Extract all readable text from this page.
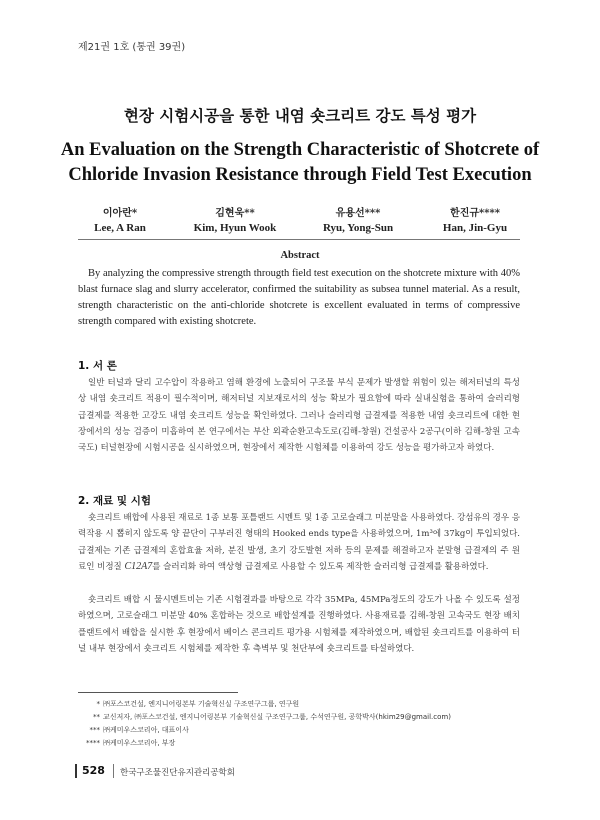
제21권 1호 (통권 39권)
현장 시험시공을 통한 내염 숏크리트 강도 특성 평가
An Evaluation on the Strength Characteristic of Shotcrete of
Chloride Invasion Resistance through Field Test Execution
이아란*
Lee, A Ran
김현욱**
Kim, Hyun Wook
유용선***
Ryu, Yong-Sun
한진규****
Han, Jin-Gyu
Abstract
By analyzing the compressive strength througth field test execution on the shotcrete mixture with 40% blast furnace slag and slurry accelerator, confirmed the suitability as subsea tunnel material. As a result, strength characteristic on the anti-chloride shotcrete is excellent evaluated in terms of compressive strength compared with existing shotcrete.
1. 서 론
일반 터널과 달리 고수압이 작용하고 염해 환경에 노출되어 구조물 부식 문제가 발생할 위험이 있는 해저터널의 특성상 내염 숏크리트 적용이 필수적이며, 해저터널 지보재로서의 성능 확보가 필요함에 따라 실내실험을 통하여 슬러리형 급결제를 적용한 고강도 내염 숏크리트 성능을 확인하였다. 그러나 슬러리형 급결제를 적용한 내염 숏크리트에 대한 현장에서의 성능 검증이 미흡하여 본 연구에서는 부산 외곽순환고속도로(김해-창원) 건설공사 2공구(이하 김해-창원 고속국도) 터널현장에 시험시공을 실시하였으며, 현장에서 제작한 시험체를 이용하여 강도 성능을 평가하고자 하였다.
2. 재료 및 시험
숏크리트 배합에 사용된 재료로 1종 보통 포틀랜드 시멘트 및 1종 고로슬래그 미분말을 사용하였다. 강섬유의 경우 응력작용 시 뽑히지 않도록 양 끝단이 구부러진 형태의 Hooked ends type을 사용하였으며, 1m³에 37kg이 투입되었다. 급결제는 기존 급결제의 혼합효율 저하, 분진 발생, 초기 강도발현 저하 등의 문제를 해결하고자 분말형 급결제의 주 원료인 비정질 C12A7를 슬러리화 하여 액상형 급결제로 사용할 수 있도록 제작한 슬러리형 급결제를 활용하였다.
숏크리트 배합 시 물시멘트비는 기존 시험결과를 바탕으로 각각 35MPa, 45MPa정도의 강도가 나올 수 있도록 설정하였으며, 고로슬래그 미분말 40% 혼합하는 것으로 배합설계를 진행하였다. 사용재료를 김해-창원 고속국도 현장 배치플랜트에서 배합을 실시한 후 현장에서 베이스 콘크리트 평가용 시험체를 제작하였으며, 배합된 숏크리트를 이용하여 터널 내부 현장에서 숏크리트 시험체를 제작한 후 측벽부 및 천단부에 숏크리트를 타설하였다.
* ㈜포스코건설, 엔지니어링본부 기술혁신실 구조연구그룹, 연구원
** 교신저자, ㈜포스코건설, 엔지니어링본부 기술혁신실 구조연구그룹, 수석연구원, 공학박사(hkim29@gmail.com)
*** ㈜케미우스코리아, 대표이사
**** ㈜케미우스코리아, 부장
528 한국구조물진단유지관리공학회
